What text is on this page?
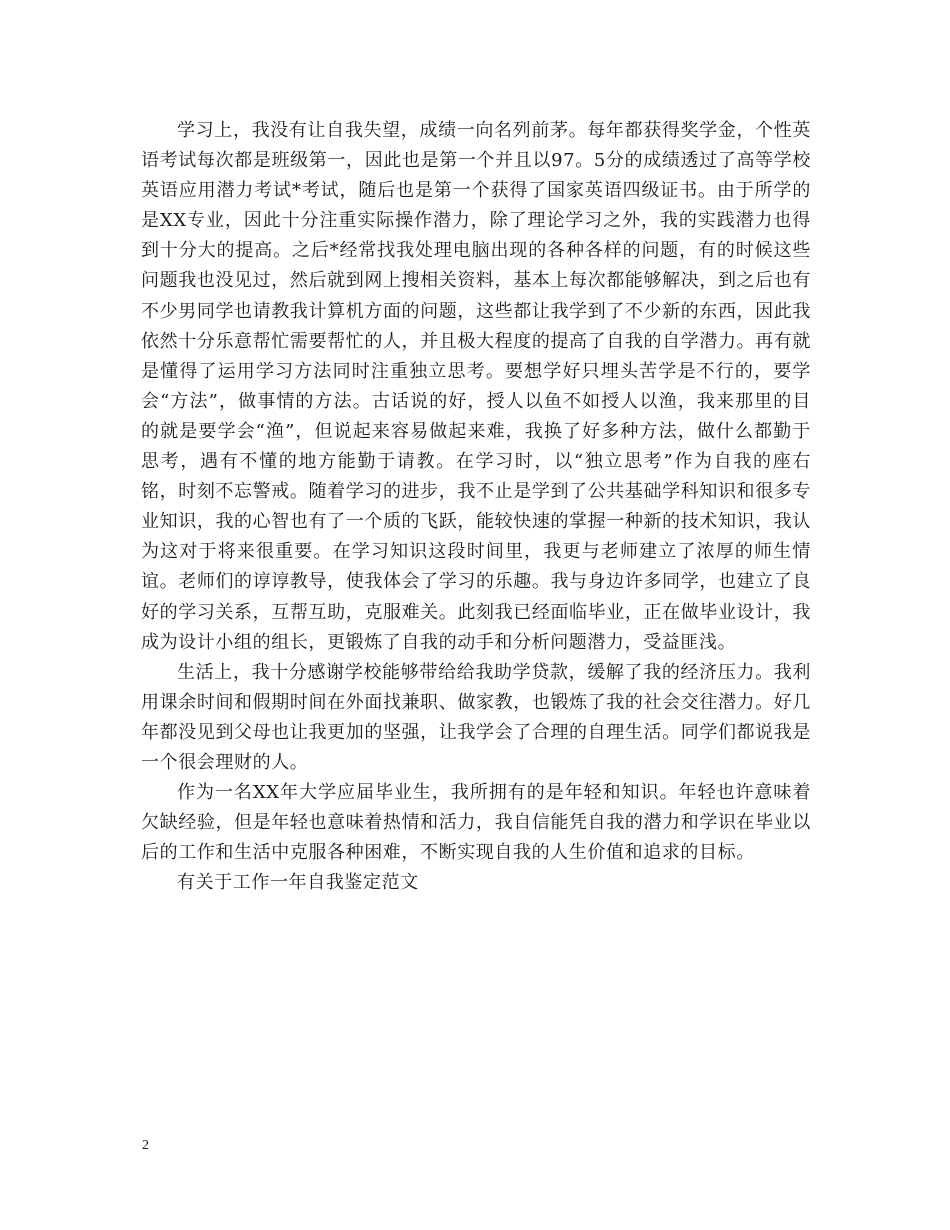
学习上，我没有让自我失望，成绩一向名列前茅。每年都获得奖学金，个性英语考试每次都是班级第一，因此也是第一个并且以97。5分的成绩透过了高等学校英语应用潜力考试*考试，随后也是第一个获得了国家英语四级证书。由于所学的是XX专业，因此十分注重实际操作潜力，除了理论学习之外，我的实践潜力也得到十分大的提高。之后*经常找我处理电脑出现的各种各样的问题，有的时候这些问题我也没见过，然后就到网上搜相关资料，基本上每次都能够解决，到之后也有不少男同学也请教我计算机方面的问题，这些都让我学到了不少新的东西，因此我依然十分乐意帮忙需要帮忙的人，并且极大程度的提高了自我的自学潜力。再有就是懂得了运用学习方法同时注重独立思考。要想学好只埋头苦学是不行的，要学会“方法”，做事情的方法。古话说的好，授人以鱼不如授人以渔，我来那里的目的就是要学会“渔”，但说起来容易做起来难，我换了好多种方法，做什么都勤于思考，遇有不懂的地方能勤于请教。在学习时，以“独立思考”作为自我的座右铭，时刻不忘警戒。随着学习的进步，我不止是学到了公共基础学科知识和很多专业知识，我的心智也有了一个质的飞跃，能较快速的掌握一种新的技术知识，我认为这对于将来很重要。在学习知识这段时间里，我更与老师建立了浓厚的师生情谊。老师们的谆谆教导，使我体会了学习的乐趣。我与身边许多同学，也建立了良好的学习关系，互帮互助，克服难关。此刻我已经面临毕业，正在做毕业设计，我成为设计小组的组长，更锻炼了自我的动手和分析问题潜力，受益匪浅。

生活上，我十分感谢学校能够带给给我助学贷款，缓解了我的经济压力。我利用课余时间和假期时间在外面找兼职、做家教，也锻炼了我的社会交往潜力。好几年都没见到父母也让我更加的坚强，让我学会了合理的自理生活。同学们都说我是一个很会理财的人。

作为一名XX年大学应届毕业生，我所拥有的是年轻和知识。年轻也许意味着欠缺经验，但是年轻也意味着热情和活力，我自信能凭自我的潜力和学识在毕业以后的工作和生活中克服各种困难，不断实现自我的人生价值和追求的目标。

有关于工作一年自我鉴定范文

2
